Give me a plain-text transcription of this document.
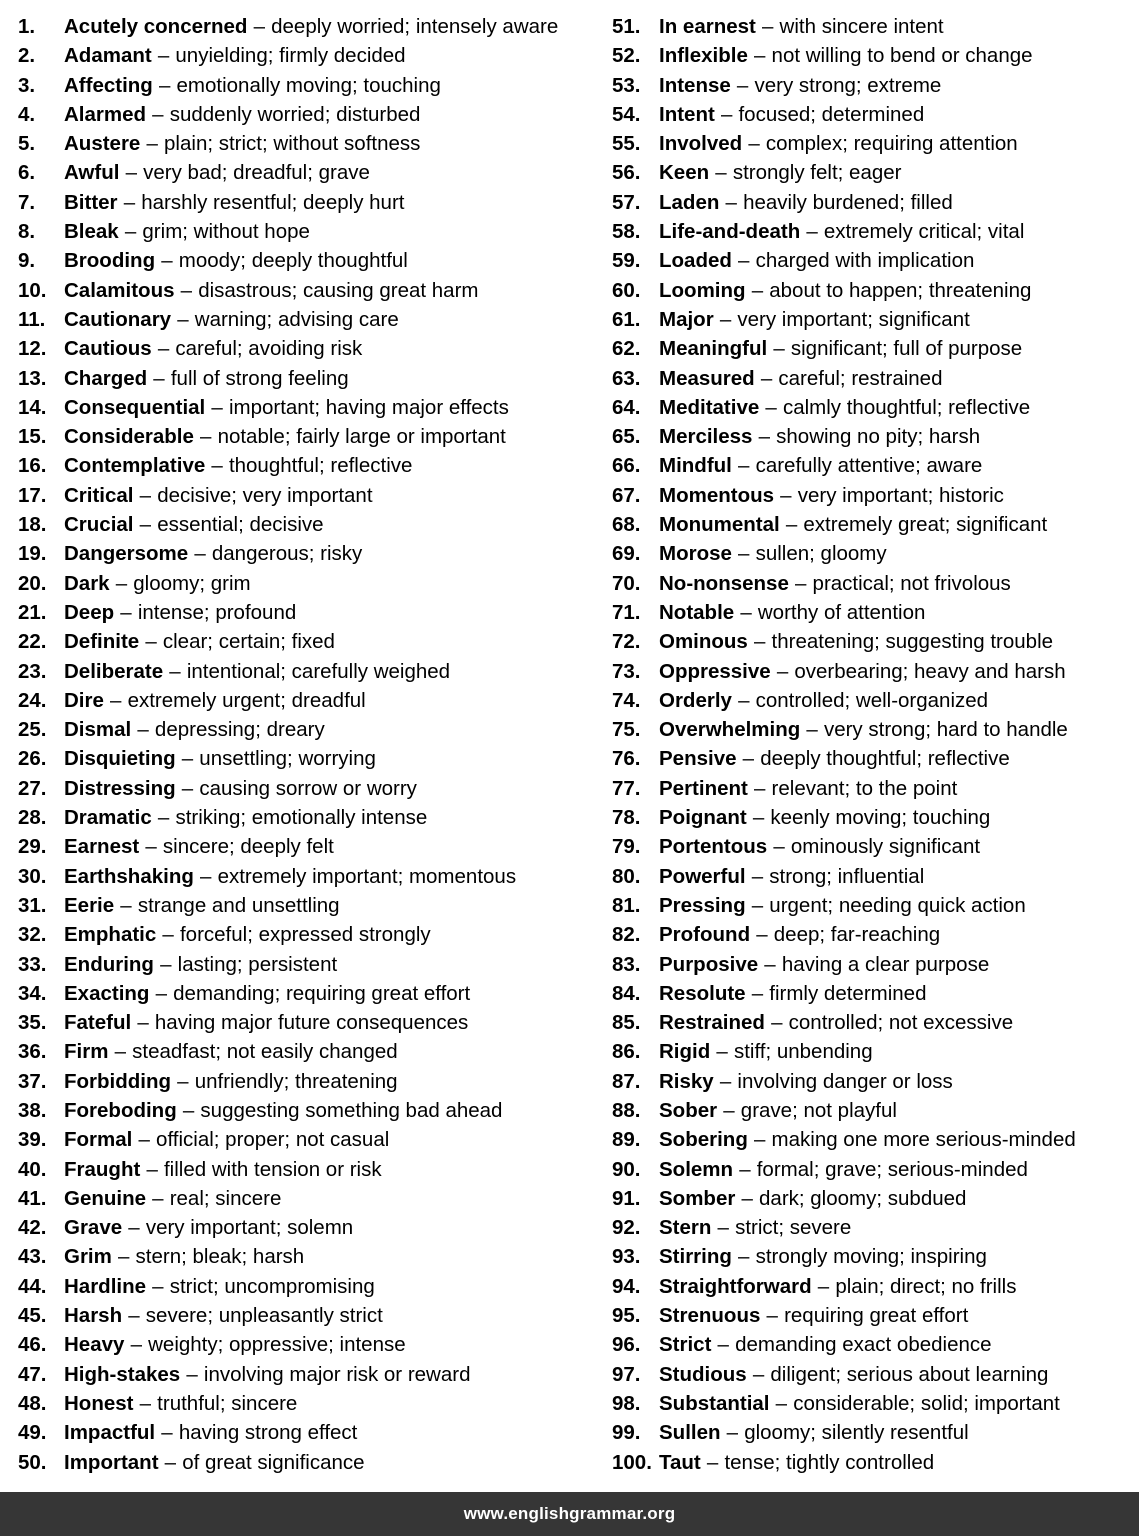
1.	Acutely concerned – deeply worried; intensely aware
2.	Adamant – unyielding; firmly decided
3.	Affecting – emotionally moving; touching
4.	Alarmed – suddenly worried; disturbed
5.	Austere – plain; strict; without softness
6.	Awful – very bad; dreadful; grave
7.	Bitter – harshly resentful; deeply hurt
8.	Bleak – grim; without hope
9.	Brooding – moody; deeply thoughtful
10. Calamitous – disastrous; causing great harm
11. Cautionary – warning; advising care
12. Cautious – careful; avoiding risk
13. Charged – full of strong feeling
14. Consequential – important; having major effects
15. Considerable – notable; fairly large or important
16. Contemplative – thoughtful; reflective
17. Critical – decisive; very important
18. Crucial – essential; decisive
19. Dangersome – dangerous; risky
20. Dark – gloomy; grim
21. Deep – intense; profound
22. Definite – clear; certain; fixed
23. Deliberate – intentional; carefully weighed
24. Dire – extremely urgent; dreadful
25. Dismal – depressing; dreary
26. Disquieting – unsettling; worrying
27. Distressing – causing sorrow or worry
28. Dramatic – striking; emotionally intense
29. Earnest – sincere; deeply felt
30. Earthshaking – extremely important; momentous
31. Eerie – strange and unsettling
32. Emphatic – forceful; expressed strongly
33. Enduring – lasting; persistent
34. Exacting – demanding; requiring great effort
35. Fateful – having major future consequences
36. Firm – steadfast; not easily changed
37. Forbidding – unfriendly; threatening
38. Foreboding – suggesting something bad ahead
39. Formal – official; proper; not casual
40. Fraught – filled with tension or risk
41. Genuine – real; sincere
42. Grave – very important; solemn
43. Grim – stern; bleak; harsh
44. Hardline – strict; uncompromising
45. Harsh – severe; unpleasantly strict
46. Heavy – weighty; oppressive; intense
47. High-stakes – involving major risk or reward
48. Honest – truthful; sincere
49. Impactful – having strong effect
50. Important – of great significance
51. In earnest – with sincere intent
52. Inflexible – not willing to bend or change
53. Intense – very strong; extreme
54. Intent – focused; determined
55. Involved – complex; requiring attention
56. Keen – strongly felt; eager
57. Laden – heavily burdened; filled
58. Life-and-death – extremely critical; vital
59. Loaded – charged with implication
60. Looming – about to happen; threatening
61. Major – very important; significant
62. Meaningful – significant; full of purpose
63. Measured – careful; restrained
64. Meditative – calmly thoughtful; reflective
65. Merciless – showing no pity; harsh
66. Mindful – carefully attentive; aware
67. Momentous – very important; historic
68. Monumental – extremely great; significant
69. Morose – sullen; gloomy
70. No-nonsense – practical; not frivolous
71. Notable – worthy of attention
72. Ominous – threatening; suggesting trouble
73. Oppressive – overbearing; heavy and harsh
74. Orderly – controlled; well-organized
75. Overwhelming – very strong; hard to handle
76. Pensive – deeply thoughtful; reflective
77. Pertinent – relevant; to the point
78. Poignant – keenly moving; touching
79. Portentous – ominously significant
80. Powerful – strong; influential
81. Pressing – urgent; needing quick action
82. Profound – deep; far-reaching
83. Purposive – having a clear purpose
84. Resolute – firmly determined
85. Restrained – controlled; not excessive
86. Rigid – stiff; unbending
87. Risky – involving danger or loss
88. Sober – grave; not playful
89. Sobering – making one more serious-minded
90. Solemn – formal; grave; serious-minded
91. Somber – dark; gloomy; subdued
92. Stern – strict; severe
93. Stirring – strongly moving; inspiring
94. Straightforward – plain; direct; no frills
95. Strenuous – requiring great effort
96. Strict – demanding exact obedience
97. Studious – diligent; serious about learning
98. Substantial – considerable; solid; important
99. Sullen – gloomy; silently resentful
100. Taut – tense; tightly controlled
www.englishgrammar.org
